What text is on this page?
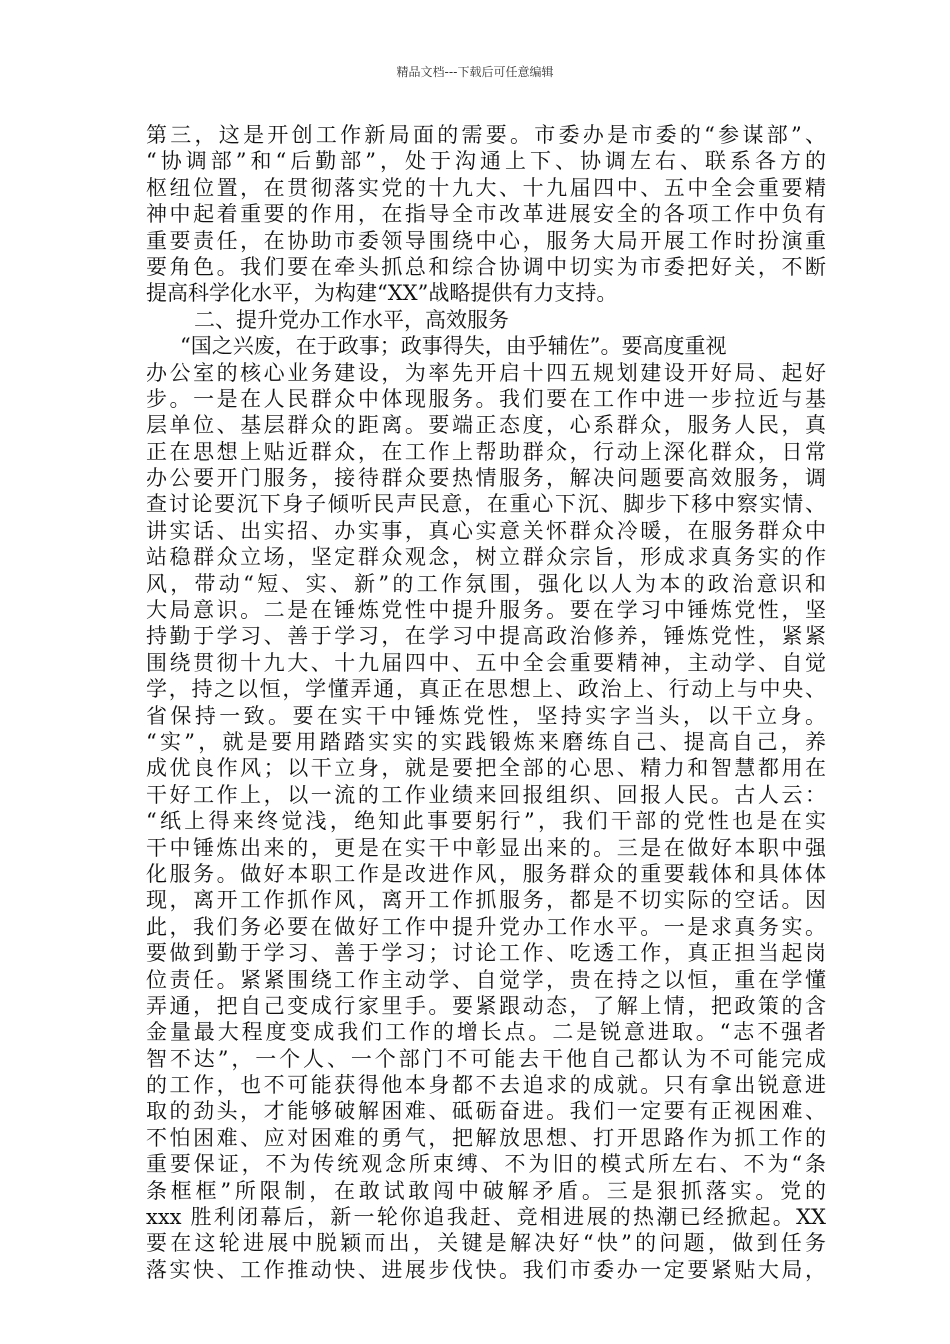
精品文档---下载后可任意编辑
第三，这是开创工作新局面的需要。市委办是市委的“参谋部”、
“协调部”和“后勤部”，处于沟通上下、协调左右、联系各方的
枢纽位置，在贯彻落实党的十九大、十九届四中、五中全会重要精
神中起着重要的作用，在指导全市改革进展安全的各项工作中负有
重要责任，在协助市委领导围绕中心，服务大局开展工作时扮演重
要角色。我们要在牵头抓总和综合协调中切实为市委把好关，不断
提高科学化水平，为构建“XX”战略提供有力支持。
二、提升党办工作水平，高效服务
“国之兴废，在于政事；政事得失，由乎辅佐”。要高度重视
办公室的核心业务建设，为率先开启十四五规划建设开好局、起好
步。一是在人民群众中体现服务。我们要在工作中进一步拉近与基
层单位、基层群众的距离。要端正态度，心系群众，服务人民，真
正在思想上贴近群众，在工作上帮助群众，行动上深化群众，日常
办公要开门服务，接待群众要热情服务，解决问题要高效服务，调
查讨论要沉下身子倾听民声民意，在重心下沉、脚步下移中察实情、
讲实话、出实招、办实事，真心实意关怀群众冷暖，在服务群众中
站稳群众立场，坚定群众观念，树立群众宗旨，形成求真务实的作
风，带动“短、实、新”的工作氛围，强化以人为本的政治意识和
大局意识。二是在锤炼党性中提升服务。要在学习中锤炼党性，坚
持勤于学习、善于学习，在学习中提高政治修养，锤炼党性，紧紧
围绕贯彻十九大、十九届四中、五中全会重要精神，主动学、自觉
学，持之以恒，学懂弄通，真正在思想上、政治上、行动上与中央、
省保持一致。要在实干中锤炼党性，坚持实字当头，以干立身。
“实”，就是要用踏踏实实的实践锻炼来磨练自己、提高自己，养
成优良作风；以干立身，就是要把全部的心思、精力和智慧都用在
干好工作上，以一流的工作业绩来回报组织、回报人民。古人云：
“纸上得来终觉浅，绝知此事要躬行”，我们干部的党性也是在实
干中锤炼出来的，更是在实干中彰显出来的。三是在做好本职中强
化服务。做好本职工作是改进作风，服务群众的重要载体和具体体
现，离开工作抓作风，离开工作抓服务，都是不切实际的空话。因
此，我们务必要在做好工作中提升党办工作水平。一是求真务实。
要做到勤于学习、善于学习；讨论工作、吃透工作，真正担当起岗
位责任。紧紧围绕工作主动学、自觉学，贵在持之以恒，重在学懂
弄通，把自己变成行家里手。要紧跟动态，了解上情，把政策的含
金量最大程度变成我们工作的增长点。二是锐意进取。“志不强者
智不达”，一个人、一个部门不可能去干他自己都认为不可能完成
的工作，也不可能获得他本身都不去追求的成就。只有拿出锐意进
取的劲头，才能够破解困难、砥砺奋进。我们一定要有正视困难、
不怕困难、应对困难的勇气，把解放思想、打开思路作为抓工作的
重要保证，不为传统观念所束缚、不为旧的模式所左右、不为“条
条框框”所限制，在敢试敢闯中破解矛盾。三是狠抓落实。党的
xxx 胜利闭幕后，新一轮你追我赶、竞相进展的热潮已经掀起。XX
要在这轮进展中脱颖而出，关键是解决好“快”的问题，做到任务
落实快、工作推动快、进展步伐快。我们市委办一定要紧贴大局，
